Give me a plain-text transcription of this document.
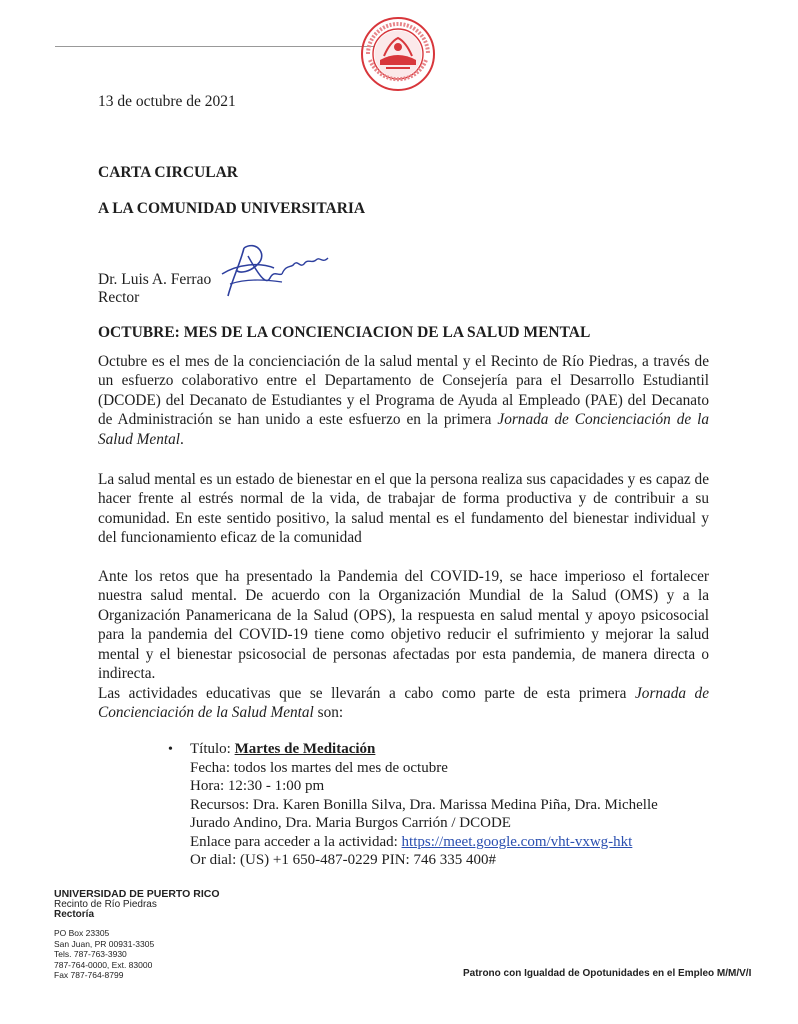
13 de octubre de 2021
CARTA CIRCULAR
A LA COMUNIDAD UNIVERSITARIA
Dr. Luis A. Ferrao
Rector
OCTUBRE: MES DE LA CONCIENCIACION DE LA SALUD MENTAL
Octubre es el mes de la concienciación de la salud mental y el Recinto de Río Piedras, a través de un esfuerzo colaborativo entre el Departamento de Consejería para el Desarrollo Estudiantil (DCODE) del Decanato de Estudiantes y el Programa de Ayuda al Empleado (PAE) del Decanato de Administración se han unido a este esfuerzo en la primera Jornada de Concienciación de la Salud Mental.
La salud mental es un estado de bienestar en el que la persona realiza sus capacidades y es capaz de hacer frente al estrés normal de la vida, de trabajar de forma productiva y de contribuir a su comunidad. En este sentido positivo, la salud mental es el fundamento del bienestar individual y del funcionamiento eficaz de la comunidad
Ante los retos que ha presentado la Pandemia del COVID-19, se hace imperioso el fortalecer nuestra salud mental. De acuerdo con la Organización Mundial de la Salud (OMS) y a la Organización Panamericana de la Salud (OPS), la respuesta en salud mental y apoyo psicosocial para la pandemia del COVID-19 tiene como objetivo reducir el sufrimiento y mejorar la salud mental y el bienestar psicosocial de personas afectadas por esta pandemia, de manera directa o indirecta.
Las actividades educativas que se llevarán a cabo como parte de esta primera Jornada de Concienciación de la Salud Mental son:
• Título: Martes de Meditación
Fecha: todos los martes del mes de octubre
Hora: 12:30 - 1:00 pm
Recursos: Dra. Karen Bonilla Silva, Dra. Marissa Medina Piña, Dra. Michelle
Jurado Andino, Dra. Maria Burgos Carrión / DCODE
Enlace para acceder a la actividad: https://meet.google.com/vht-vxwg-hkt
Or dial: (US) +1 650-487-0229 PIN: 746 335 400#
UNIVERSIDAD DE PUERTO RICO
Recinto de Río Piedras
Rectoría
PO Box 23305
San Juan, PR 00931-3305
Tels. 787-763-3930
787-764-0000, Ext. 83000
Fax 787-764-8799	Patrono con Igualdad de Opotunidades en el Empleo M/M/V/I
